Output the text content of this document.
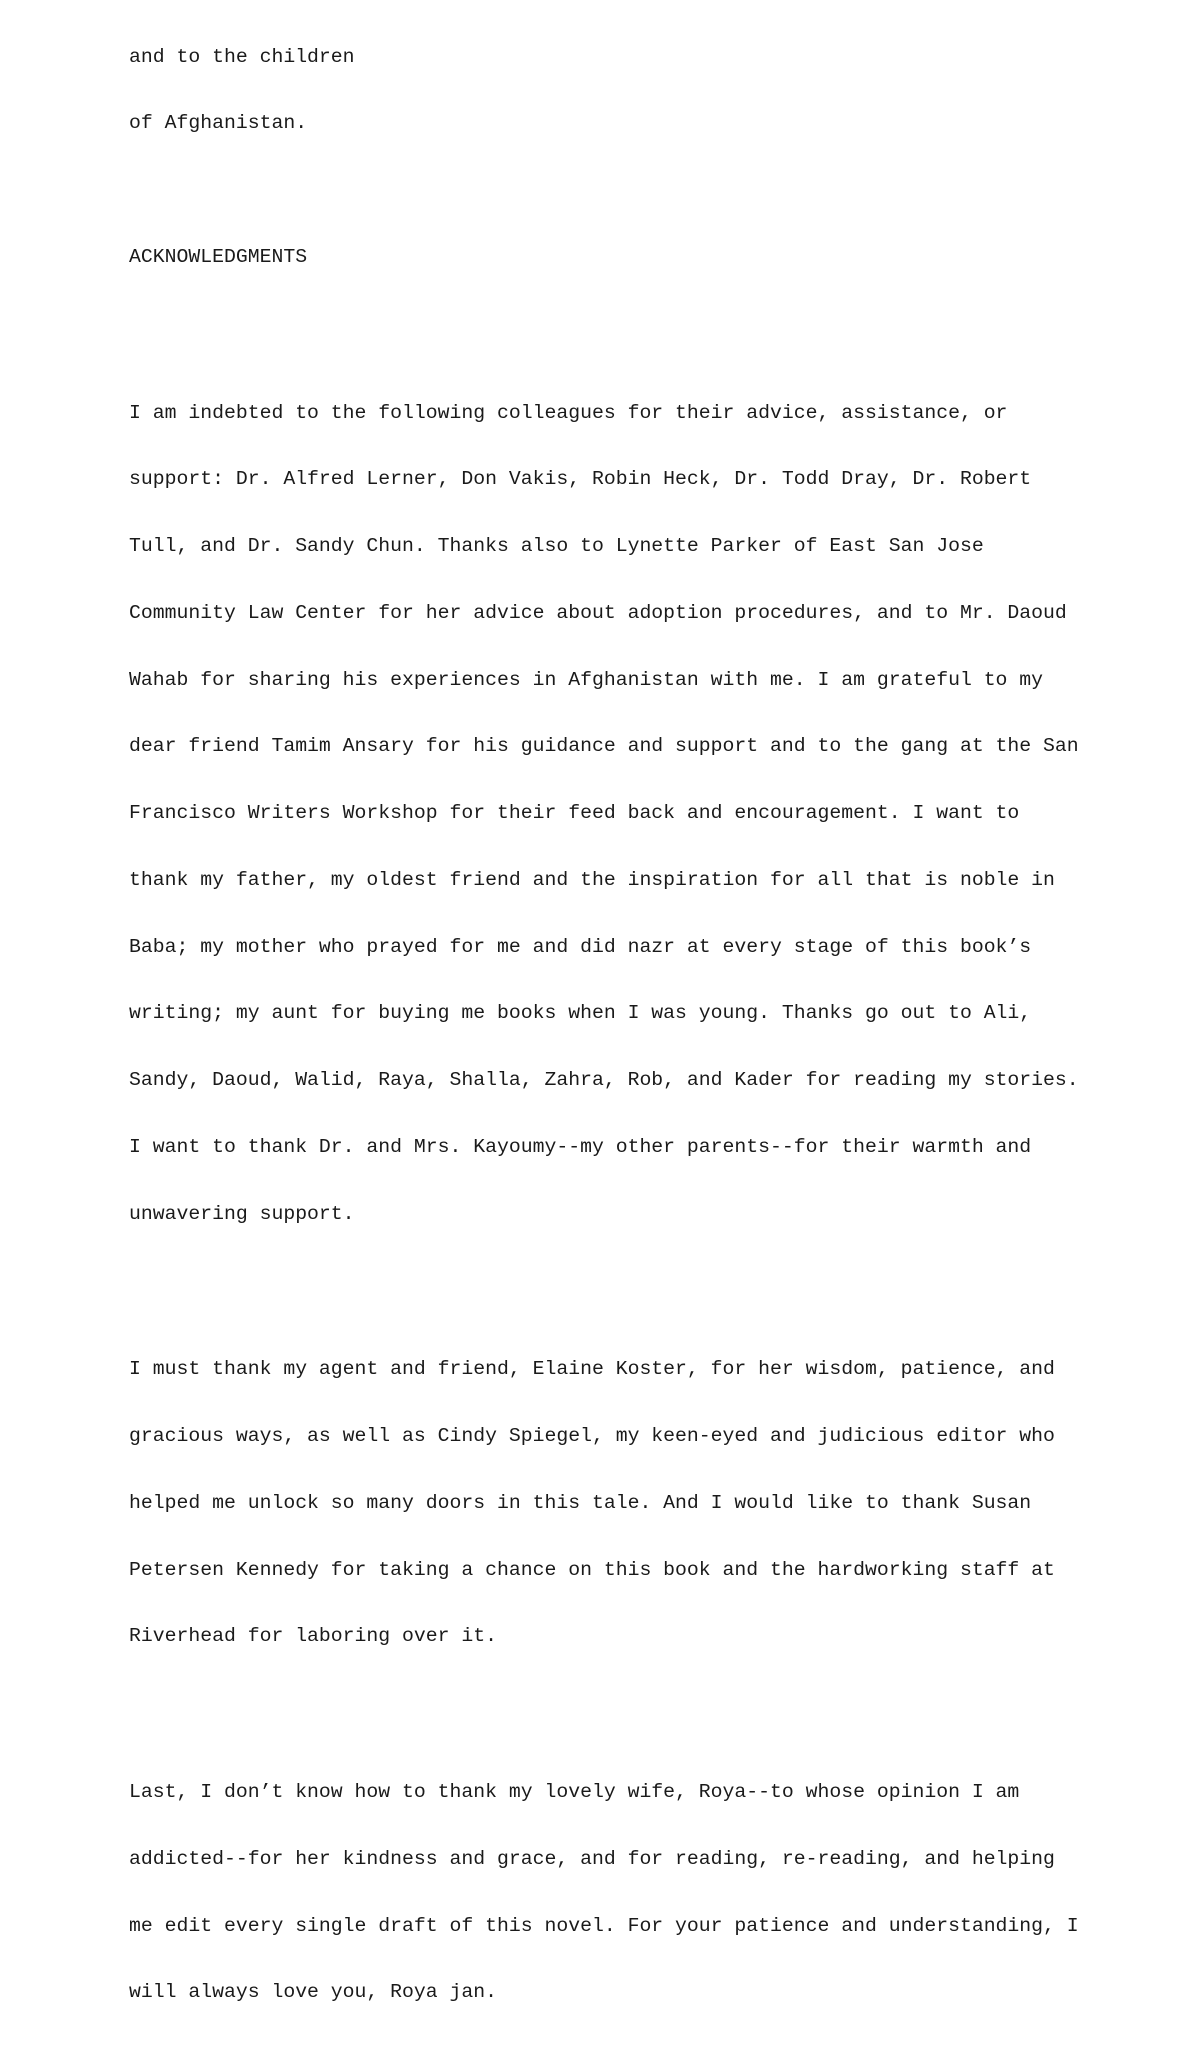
and to the children

of Afghanistan.

ACKNOWLEDGMENTS

I am indebted to the following colleagues for their advice, assistance, or

support: Dr. Alfred Lerner, Don Vakis, Robin Heck, Dr. Todd Dray, Dr. Robert

Tull, and Dr. Sandy Chun. Thanks also to Lynette Parker of East San Jose

Community Law Center for her advice about adoption procedures, and to Mr. Daoud

Wahab for sharing his experiences in Afghanistan with me. I am grateful to my

dear friend Tamim Ansary for his guidance and support and to the gang at the San

Francisco Writers Workshop for their feed back and encouragement. I want to

thank my father, my oldest friend and the inspiration for all that is noble in

Baba; my mother who prayed for me and did nazr at every stage of this book’s

writing; my aunt for buying me books when I was young. Thanks go out to Ali,

Sandy, Daoud, Walid, Raya, Shalla, Zahra, Rob, and Kader for reading my stories.

I want to thank Dr. and Mrs. Kayoumy--my other parents--for their warmth and

unwavering support.

I must thank my agent and friend, Elaine Koster, for her wisdom, patience, and

gracious ways, as well as Cindy Spiegel, my keen-eyed and judicious editor who

helped me unlock so many doors in this tale. And I would like to thank Susan

Petersen Kennedy for taking a chance on this book and the hardworking staff at

Riverhead for laboring over it.

Last, I don’t know how to thank my lovely wife, Roya--to whose opinion I am

addicted--for her kindness and grace, and for reading, re-reading, and helping

me edit every single draft of this novel. For your patience and understanding, I

will always love you, Roya jan.
